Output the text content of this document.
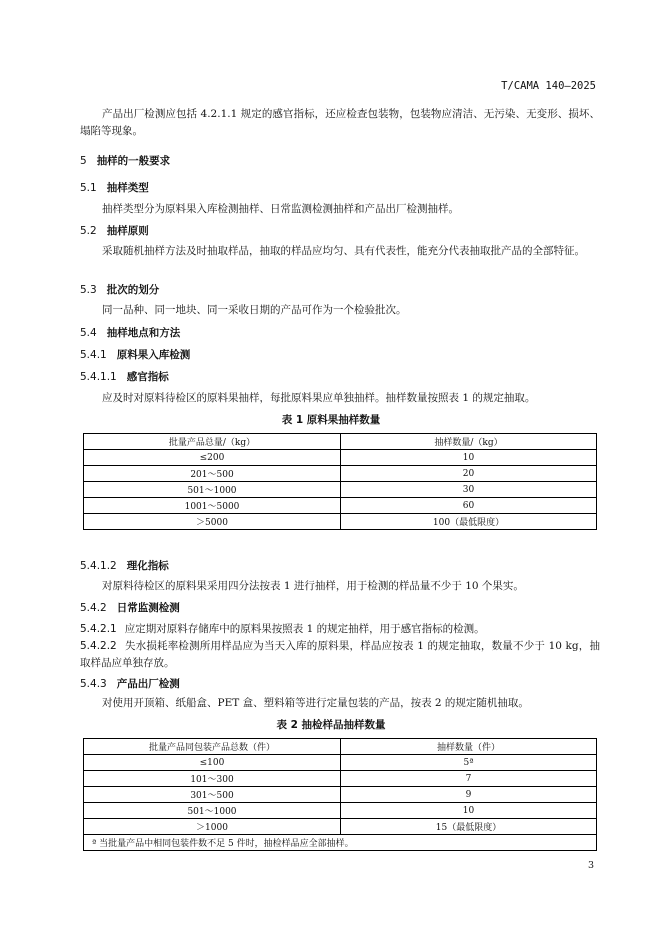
T/CAMA 140—2025

产品出厂检测应包括 4.2.1.1 规定的感官指标，还应检查包装物，包装物应清洁、无污染、无变形、损坏、塌陷等现象。

5 抽样的一般要求
5.1 抽样类型

抽样类型分为原料果入库检测抽样、日常监测检测抽样和产品出厂检测抽样。

5.2 抽样原则

采取随机抽样方法及时抽取样品，抽取的样品应均匀、具有代表性，能充分代表抽取批产品的全部特征。

5.3 批次的划分

同一品种、同一地块、同一采收日期的产品可作为一个检验批次。

5.4 抽样地点和方法
5.4.1 原料果入库检测
5.4.1.1 感官指标

应及时对原料待检区的原料果抽样，每批原料果应单独抽样。抽样数量按照表 1 的规定抽取。

表 1 原料果抽样数量
批量产品总量/（kg）	抽样数量/（kg）
≤200	10
201～500	20
501～1000	30
1001～5000	60
＞5000	100（最低限度）
5.4.1.2 理化指标

对原料待检区的原料果采用四分法按表 1 进行抽样，用于检测的样品量不少于 10 个果实。

5.4.2 日常监测检测

5.4.2.1 应定期对原料存储库中的原料果按照表 1 的规定抽样，用于感官指标的检测。

5.4.2.2 失水损耗率检测所用样品应为当天入库的原料果，样品应按表 1 的规定抽取，数量不少于 10 kg，抽取样品应单独存放。

5.4.3 产品出厂检测

对使用开顶箱、纸船盒、PET 盒、塑料箱等进行定量包装的产品，按表 2 的规定随机抽取。

表 2 抽检样品抽样数量
批量产品同包装产品总数（件）	抽样数量（件）
≤100	5ª
101～300	7
301～500	9
501～1000	10
＞1000	15（最低限度）
ª 当批量产品中相同包装件数不足 5 件时，抽检样品应全部抽样。	
3
